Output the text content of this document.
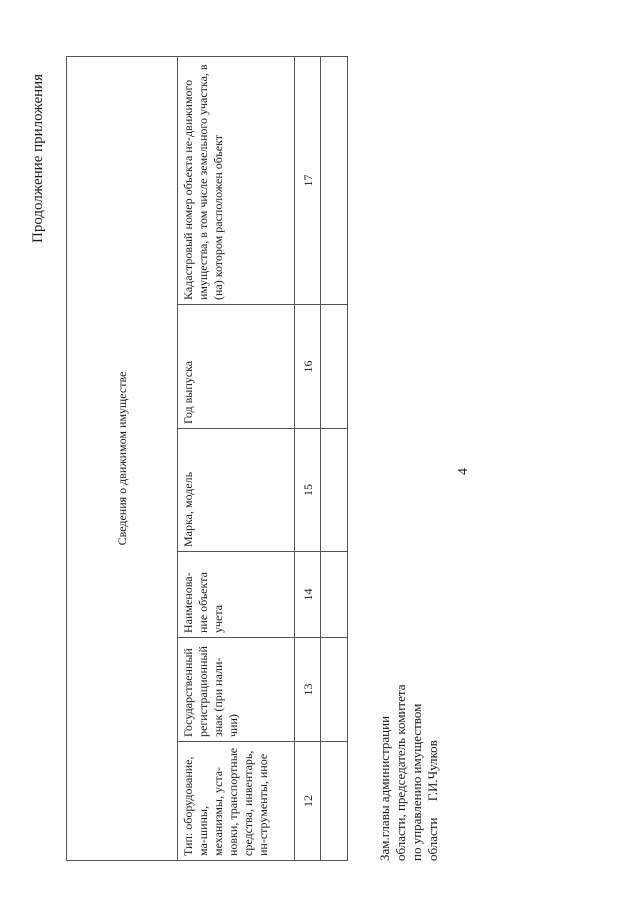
Продолжение приложения
4
Сведения о движимом имуществе
Тип: оборудование, ма-шины, механизмы, уста-новки, транспортные средства, инвентарь, ин-струменты, иное
Государственный регистрационный знак (при нали-чии)
Наименова-ние объекта учета
Марка, модель
Год выпуска
Кадастровый номер объекта не-движимого имущества, в том числе земельного участка, в (на) котором расположен объект
12
13
14
15
16
17
Зам.главы администрации области, председатель комитета по управлению имуществом области     Г.И.Чулков
